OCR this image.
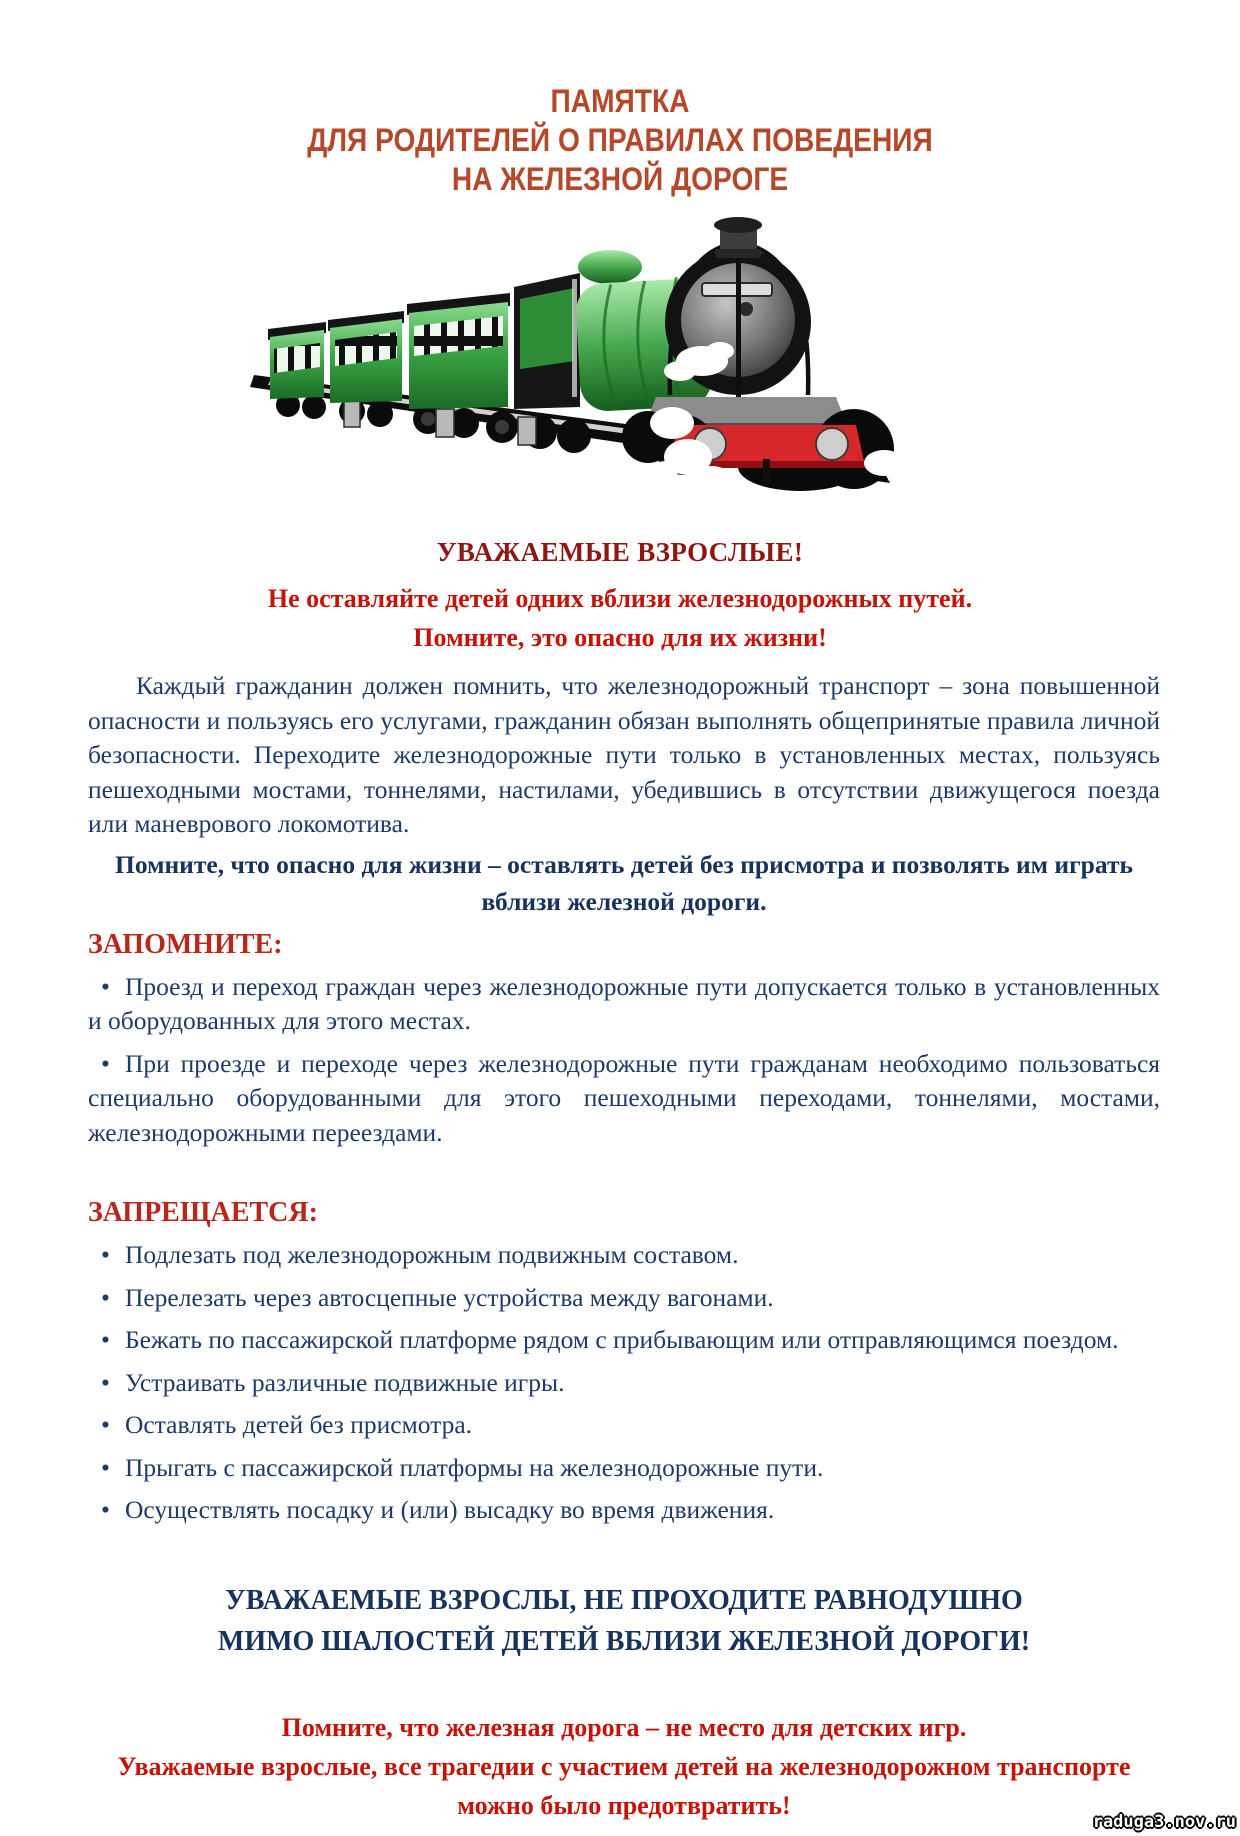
ПАМЯТКА
ДЛЯ РОДИТЕЛЕЙ О ПРАВИЛАХ ПОВЕДЕНИЯ
НА ЖЕЛЕЗНОЙ ДОРОГЕ
УВАЖАЕМЫЕ ВЗРОСЛЫЕ!
Не оставляйте детей одних вблизи железнодорожных путей.
Помните, это опасно для их жизни!

Каждый гражданин должен помнить, что железнодорожный транспорт – зона повышенной опасности и пользуясь его услугами, гражданин обязан выполнять общепринятые правила личной безопасности. Переходите железнодорожные пути только в установленных местах, пользуясь пешеходными мостами, тоннелями, настилами, убедившись в отсутствии движущегося поезда или маневрового локомотива.

Помните, что опасно для жизни – оставлять детей без присмотра и позволять им играть вблизи железной дороги.

ЗАПОМНИТЕ:
• Проезд и переход граждан через железнодорожные пути допускается только в установленных и оборудованных для этого местах.
• При проезде и переходе через железнодорожные пути гражданам необходимо пользоваться специально оборудованными для этого пешеходными переходами, тоннелями, мостами, железнодорожными переездами.
ЗАПРЕЩАЕТСЯ:
• Подлезать под железнодорожным подвижным составом.
• Перелезать через автосцепные устройства между вагонами.
• Бежать по пассажирской платформе рядом с прибывающим или отправляющимся поездом.
• Устраивать различные подвижные игры.
• Оставлять детей без присмотра.
• Прыгать с пассажирской платформы на железнодорожные пути.
• Осуществлять посадку и (или) высадку во время движения.
УВАЖАЕМЫЕ ВЗРОСЛЫ, НЕ ПРОХОДИТЕ РАВНОДУШНО
МИМО ШАЛОСТЕЙ ДЕТЕЙ ВБЛИЗИ ЖЕЛЕЗНОЙ ДОРОГИ!
Помните, что железная дорога – не место для детских игр.
Уважаемые взрослые, все трагедии с участием детей на железнодорожном транспорте можно было предотвратить!
raduga3.nov.ru
